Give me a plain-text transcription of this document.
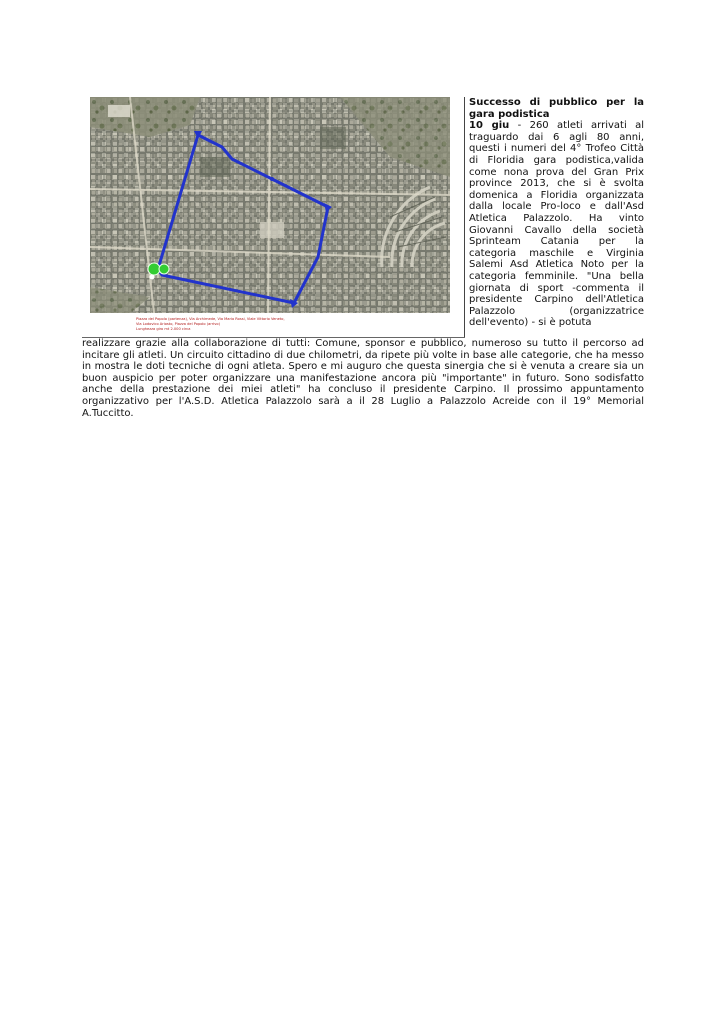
Piazza del Popolo (partenza), Via Archimede, Via Mario Rossi, Viale Vittorio Veneto,
Via Lodovico Ariosto, Piazza del Popolo (arrivo)
Lunghezza giro mt 2.000 circa
Successo di pubblico per la gara podistica
10 giu - 260 atleti arrivati al traguardo dai 6 agli 80 anni, questi i numeri del 4° Trofeo Città di Floridia gara podistica,valida come nona prova del Gran Prix province 2013, che si è svolta domenica a Floridia organizzata dalla locale Pro-loco e dall'Asd Atletica Palazzolo. Ha vinto Giovanni Cavallo della società Sprinteam Catania per la categoria maschile e Virginia Salemi Asd Atletica Noto per la categoria femminile. "Una bella giornata di sport -commenta il presidente Carpino dell'Atletica Palazzolo (organizzatrice dell'evento) - si è potuta
realizzare grazie alla collaborazione di tutti: Comune, sponsor e pubblico, numeroso su tutto il percorso ad incitare gli atleti. Un circuito cittadino di due chilometri, da ripete più volte in base alle categorie, che ha messo in mostra le doti tecniche di ogni atleta. Spero e mi auguro che questa sinergia che si è venuta a creare sia un buon auspicio per poter organizzare una manifestazione ancora più "importante" in futuro. Sono sodisfatto anche della prestazione dei miei atleti" ha concluso il presidente Carpino. Il prossimo appuntamento organizzativo per l'A.S.D. Atletica Palazzolo sarà a il 28 Luglio a Palazzolo Acreide con il 19° Memorial A.Tuccitto.
